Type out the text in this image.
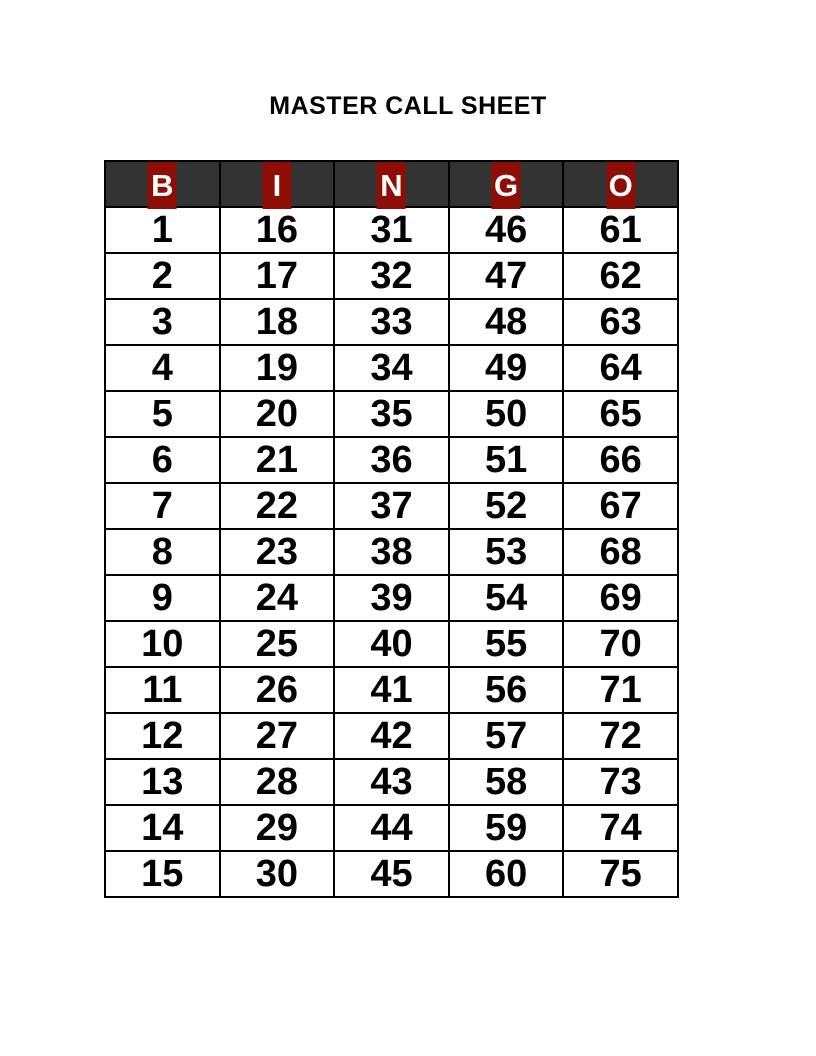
MASTER CALL SHEET
B	I	N	G	O

1	16	31	46	61
2	17	32	47	62
3	18	33	48	63
4	19	34	49	64
5	20	35	50	65
6	21	36	51	66
7	22	37	52	67
8	23	38	53	68
9	24	39	54	69
10	25	40	55	70
11	26	41	56	71
12	27	42	57	72
13	28	43	58	73
14	29	44	59	74
15	30	45	60	75
